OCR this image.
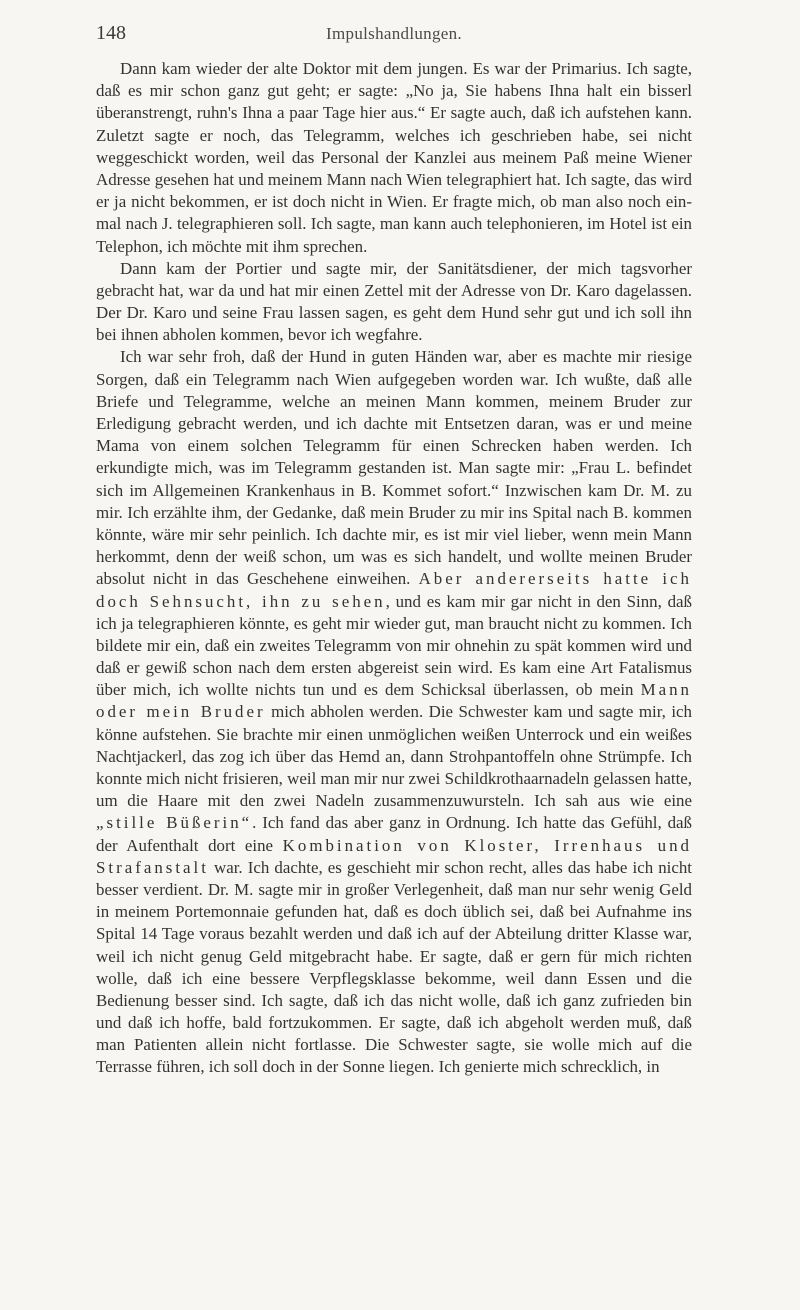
148	Impulshandlungen.

Dann kam wieder der alte Doktor mit dem jungen. Es war der Primarius. Ich sagte, daß es mir schon ganz gut geht; er sagte: „No ja, Sie habens Ihna halt ein bisserl überanstrengt, ruhn's Ihna a paar Tage hier aus.“ Er sagte auch, daß ich aufstehen kann. Zuletzt sagte er noch, das Telegramm, welches ich geschrieben habe, sei nicht weggeschickt worden, weil das Personal der Kanzlei aus meinem Paß meine Wiener Adresse gesehen hat und meinem Mann nach Wien telegraphiert hat. Ich sagte, das wird er ja nicht bekommen, er ist doch nicht in Wien. Er fragte mich, ob man also noch einmal nach J. telegraphieren soll. Ich sagte, man kann auch telephonieren, im Hotel ist ein Telephon, ich möchte mit ihm sprechen.

Dann kam der Portier und sagte mir, der Sanitätsdiener, der mich tagsvorher gebracht hat, war da und hat mir einen Zettel mit der Adresse von Dr. Karo dagelassen. Der Dr. Karo und seine Frau lassen sagen, es geht dem Hund sehr gut und ich soll ihn bei ihnen abholen kommen, bevor ich wegfahre.

Ich war sehr froh, daß der Hund in guten Händen war, aber es machte mir riesige Sorgen, daß ein Telegramm nach Wien aufgegeben worden war. Ich wußte, daß alle Briefe und Telegramme, welche an meinen Mann kommen, meinem Bruder zur Erledigung gebracht werden, und ich dachte mit Entsetzen daran, was er und meine Mama von einem solchen Telegramm für einen Schrecken haben werden. Ich erkundigte mich, was im Telegramm gestanden ist. Man sagte mir: „Frau L. befindet sich im Allgemeinen Krankenhaus in B. Kommet sofort.“ Inzwischen kam Dr. M. zu mir. Ich erzählte ihm, der Gedanke, daß mein Bruder zu mir ins Spital nach B. kommen könnte, wäre mir sehr peinlich. Ich dachte mir, es ist mir viel lieber, wenn mein Mann herkommt, denn der weiß schon, um was es sich handelt, und wollte meinen Bruder absolut nicht in das Geschehene einweihen. Aber andererseits hatte ich doch Sehnsucht, ihn zu sehen, und es kam mir gar nicht in den Sinn, daß ich ja telegraphieren könnte, es geht mir wieder gut, man braucht nicht zu kommen. Ich bildete mir ein, daß ein zweites Telegramm von mir ohnehin zu spät kommen wird und daß er gewiß schon nach dem ersten abgereist sein wird. Es kam eine Art Fatalismus über mich, ich wollte nichts tun und es dem Schicksal überlassen, ob mein Mann oder mein Bruder mich abholen werden. Die Schwester kam und sagte mir, ich könne aufstehen. Sie brachte mir einen unmöglichen weißen Unterrock und ein weißes Nachtjackerl, das zog ich über das Hemd an, dann Strohpantoffeln ohne Strümpfe. Ich konnte mich nicht frisieren, weil man mir nur zwei Schildkrothaarnadeln gelassen hatte, um die Haare mit den zwei Nadeln zusammenzuwursteln. Ich sah aus wie eine „stille Büßerin“. Ich fand das aber ganz in Ordnung. Ich hatte das Gefühl, daß der Aufenthalt dort eine Kombination von Kloster, Irrenhaus und Strafanstalt war. Ich dachte, es geschieht mir schon recht, alles das habe ich nicht besser verdient. Dr. M. sagte mir in großer Verlegenheit, daß man nur sehr wenig Geld in meinem Portemonnaie gefunden hat, daß es doch üblich sei, daß bei Aufnahme ins Spital 14 Tage voraus bezahlt werden und daß ich auf der Abteilung dritter Klasse war, weil ich nicht genug Geld mitgebracht habe. Er sagte, daß er gern für mich richten wolle, daß ich eine bessere Verpflegsklasse bekomme, weil dann Essen und die Bedienung besser sind. Ich sagte, daß ich das nicht wolle, daß ich ganz zufrieden bin und daß ich hoffe, bald fortzukommen. Er sagte, daß ich abgeholt werden muß, daß man Patienten allein nicht fortlasse. Die Schwester sagte, sie wolle mich auf die Terrasse führen, ich soll doch in der Sonne liegen. Ich genierte mich schrecklich, in
